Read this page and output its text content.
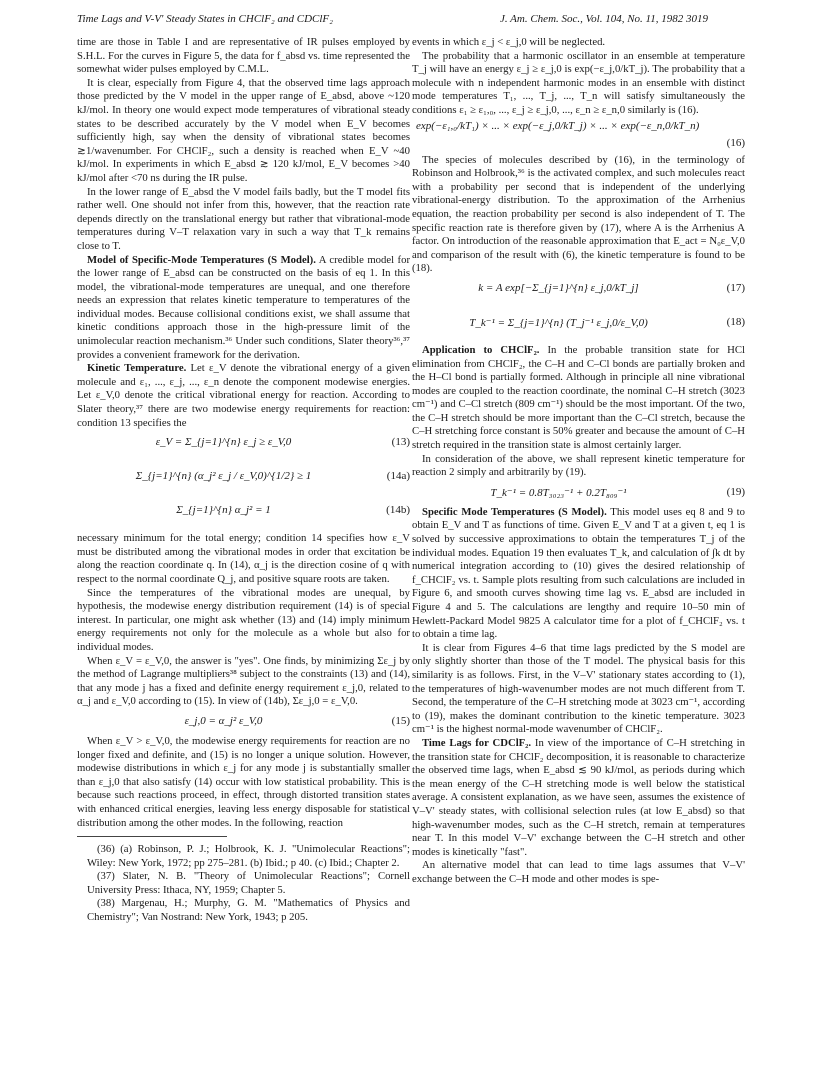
Time Lags and V-V' Steady States in CHClF₂ and CDClF₂	J. Am. Chem. Soc., Vol. 104, No. 11, 1982 3019

time are those in Table I and are representative of IR pulses employed by S.H.L. For the curves in Figure 5, the data for f_absd vs. time represented the somewhat wider pulses employed by C.M.L.

It is clear, especially from Figure 4, that the observed time lags approach those predicted by the V model in the upper range of E_absd, above ~120 kJ/mol. In theory one would expect mode temperatures of vibrational steady states to be described accurately by the V model when E_V becomes sufficiently high, say when the density of vibrational states becomes ≳1/wavenumber. For CHClF₂, such a density is reached when E_V ~40 kJ/mol. In experiments in which E_absd ≳ 120 kJ/mol, E_V becomes >40 kJ/mol after <70 ns during the IR pulse.

In the lower range of E_absd the V model fails badly, but the T model fits rather well. One should not infer from this, however, that the reaction rate depends directly on the translational energy but rather that vibrational-mode temperatures during V–T relaxation vary in such a way that T_k remains close to T.

Model of Specific-Mode Temperatures (S Model). A credible model for the lower range of E_absd can be constructed on the basis of eq 1. In this model, the vibrational-mode temperatures are unequal, and one therefore needs an expression that relates kinetic temperature to temperatures of the individual modes. Because collisional conditions exist, we shall assume that kinetic conditions approach those in the high-pressure limit of the unimolecular reaction mechanism.³⁶ Under such conditions, Slater theory³⁶,³⁷ provides a convenient framework for the derivation.

Kinetic Temperature. Let ε_V denote the vibrational energy of a given molecule and ε₁, ..., ε_j, ..., ε_n denote the component modewise energies. Let ε_V,0 denote the critical vibrational energy for reaction. According to Slater theory,³⁷ there are two modewise energy requirements for reaction: condition 13 specifies the

ε_V = Σ_{j=1}^{n} ε_j ≥ ε_V,0	(13)
Σ_{j=1}^{n} (α_j² ε_j / ε_V,0)^{1/2} ≥ 1	(14a)
Σ_{j=1}^{n} α_j² = 1	(14b)

necessary minimum for the total energy; condition 14 specifies how ε_V must be distributed among the vibrational modes in order that excitation be along the reaction coordinate q. In (14), α_j is the direction cosine of q with respect to the normal coordinate Q_j, and positive square roots are taken.

Since the temperatures of the vibrational modes are unequal, by hypothesis, the modewise energy distribution requirement (14) is of special interest. In particular, one might ask whether (13) and (14) imply minimum energy requirements not only for the molecule as a whole but also for individual modes.

When ε_V = ε_V,0, the answer is "yes". One finds, by minimizing Σε_j by the method of Lagrange multipliers³⁸ subject to the constraints (13) and (14), that any mode j has a fixed and definite energy requirement ε_j,0, related to α_j and ε_V,0 according to (15). In view of (14b), Σε_j,0 = ε_V,0.

ε_j,0 = α_j² ε_V,0	(15)

When ε_V > ε_V,0, the modewise energy requirements for reaction are no longer fixed and definite, and (15) is no longer a unique solution. However, modewise distributions in which ε_j for any mode j is substantially smaller than ε_j,0 that also satisfy (14) occur with low statistical probability. This is because such reactions proceed, in effect, through distorted transition states with enhanced critical energies, leaving less energy disposable for statistical distribution among the other modes. In the following, reaction

(36) (a) Robinson, P. J.; Holbrook, K. J. "Unimolecular Reactions"; Wiley: New York, 1972; pp 275–281. (b) Ibid.; p 40. (c) Ibid.; Chapter 2.

(37) Slater, N. B. "Theory of Unimolecular Reactions"; Cornell University Press: Ithaca, NY, 1959; Chapter 5.

(38) Margenau, H.; Murphy, G. M. "Mathematics of Physics and Chemistry"; Van Nostrand: New York, 1943; p 205.

events in which ε_j < ε_j,0 will be neglected.

The probability that a harmonic oscillator in an ensemble at temperature T_j will have an energy ε_j ≥ ε_j,0 is exp(−ε_j,0/kT_j). The probability that a molecule with n independent harmonic modes in an ensemble with distinct mode temperatures T₁, ..., T_j, ..., T_n will satisfy simultaneously the conditions ε₁ ≥ ε₁,₀, ..., ε_j ≥ ε_j,0, ..., ε_n ≥ ε_n,0 similarly is (16).

exp(−ε₁,₀/kT₁) × ... × exp(−ε_j,0/kT_j) × ... × exp(−ε_n,0/kT_n)
(16)

The species of molecules described by (16), in the terminology of Robinson and Holbrook,³⁶ is the activated complex, and such molecules react with a probability per second that is independent of the underlying vibrational-energy distribution. To the approximation of the Arrhenius equation, the reaction probability per second is also independent of T. The specific reaction rate is therefore given by (17), where A is the Arrhenius A factor. On introduction of the reasonable approximation that E_act = N₀ε_V,0 and comparison of the result with (6), the kinetic temperature is found to be (18).

k = A exp[−Σ_{j=1}^{n} ε_j,0/kT_j]	(17)
T_k⁻¹ = Σ_{j=1}^{n} (T_j⁻¹ ε_j,0/ε_V,0)	(18)

Application to CHClF₂. In the probable transition state for HCl elimination from CHClF₂, the C–H and C–Cl bonds are partially broken and the H–Cl bond is partially formed. Although in principle all nine vibrational modes are coupled to the reaction coordinate, the nominal C–H stretch (3023 cm⁻¹) and C–Cl stretch (809 cm⁻¹) should be the most important. Of the two, the C–H stretch should be more important than the C–Cl stretch, because the C–H stretching force constant is 50% greater and because the amount of C–H stretch required in the transition state is almost certainly larger.

In consideration of the above, we shall represent kinetic temperature for reaction 2 simply and arbitrarily by (19).

T_k⁻¹ = 0.8T₃₀₂₃⁻¹ + 0.2T₈₀₉⁻¹	(19)

Specific Mode Temperatures (S Model). This model uses eq 8 and 9 to obtain E_V and T as functions of time. Given E_V and T at a given t, eq 1 is solved by successive approximations to obtain the temperatures T_j of the individual modes. Equation 19 then evaluates T_k, and calculation of ∫k dt by numerical integration according to (10) gives the desired relationship of f_CHClF₂ vs. t. Sample plots resulting from such calculations are included in Figure 6, and smooth curves showing time lag vs. E_absd are included in Figure 4 and 5. The calculations are lengthy and require 10–50 min of Hewlett-Packard Model 9825 A calculator time for a plot of f_CHClF₂ vs. t to obtain a time lag.

It is clear from Figures 4–6 that time lags predicted by the S model are only slightly shorter than those of the T model. The physical basis for this similarity is as follows. First, in the V–V' stationary states according to (1), the temperatures of high-wavenumber modes are not much different from T. Second, the temperature of the C–H stretching mode at 3023 cm⁻¹, according to (19), makes the dominant contribution to the kinetic temperature. 3023 cm⁻¹ is the highest normal-mode wavenumber of CHClF₂.

Time Lags for CDClF₂. In view of the importance of C–H stretching in the transition state for CHClF₂ decomposition, it is reasonable to characterize the observed time lags, when E_absd ≲ 90 kJ/mol, as periods during which the mean energy of the C–H stretching mode is well below the statistical average. A consistent explanation, as we have seen, assumes the existence of V–V' steady states, with collisional selection rules (at low E_absd) so that high-wavenumber modes, such as the C–H stretch, remain at temperatures near T. In this model V–V' exchange between the C–H stretch and other modes is kinetically "fast".

An alternative model that can lead to time lags assumes that V–V' exchange between the C–H mode and other modes is spe-
